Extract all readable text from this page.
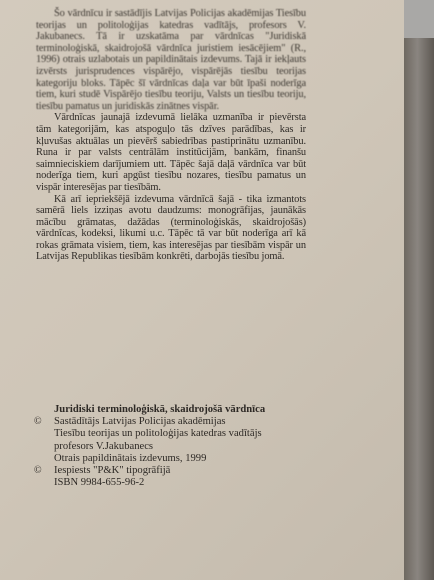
Šo vārdnīcu ir sastādījis Latvijas Policijas akadēmijas Tiesību teorijas un politoloģijas katedras vadītājs, profesors V. Jakubanecs. Tā ir uzskatāma par vārdnīcas "Juridiskā terminoloģiskā, skaidrojošā vārdnīca juristiem iesācējiem" (R., 1996) otrais uzlabotais un papildinātais izdevums. Tajā ir iekļauts izvērsts jurisprudences vispārējo, vispārējās tiesību teorijas kategoriju bloks. Tāpēc šī vārdnīcas daļa var būt īpaši noderīga tiem, kuri studē Vispārējo tiesību teoriju, Valsts un tiesību teoriju, tiesību pamatus un juridiskās zinātnes vispār.

Vārdnīcas jaunajā izdevumā lielāka uzmanība ir pievērsta tām kategorijām, kas atspoguļo tās dzīves parādības, kas ir kļuvušas aktuālas un pievērš sabiedrības pastiprinātu uzmanību. Runa ir par valsts centrālām institūcijām, bankām, finanšu saimnieciskiem darījumiem utt. Tāpēc šajā daļā vārdnīca var būt noderīga tiem, kuri apgūst tiesību nozares, tiesību pamatus un vispār interesējas par tiesībām.

Kā arī iepriekšējā izdevuma vārdnīcā šajā - tika izmantots samērā liels izziņas avotu daudzums: monogrāfijas, jaunākās mācību grāmatas, dažādas (terminoloģiskās, skaidrojošās) vārdnīcas, kodeksi, likumi u.c. Tāpēc tā var būt noderīga arī kā rokas grāmata visiem, tiem, kas interesējas par tiesībām vispār un Latvijas Republikas tiesībām konkrēti, darbojās tiesību jomā.

Juridiski terminoloģiskā, skaidrojošā vārdnīca
©	Sastādītājs Latvijas Policijas akadēmijas
Tiesību teorijas un politoloģijas katedras vadītājs
profesors V.Jakubanecs
Otrais papildinātais izdevums, 1999
©	Iespiests "P&K" tipogrāfijā
ISBN 9984-655-96-2
